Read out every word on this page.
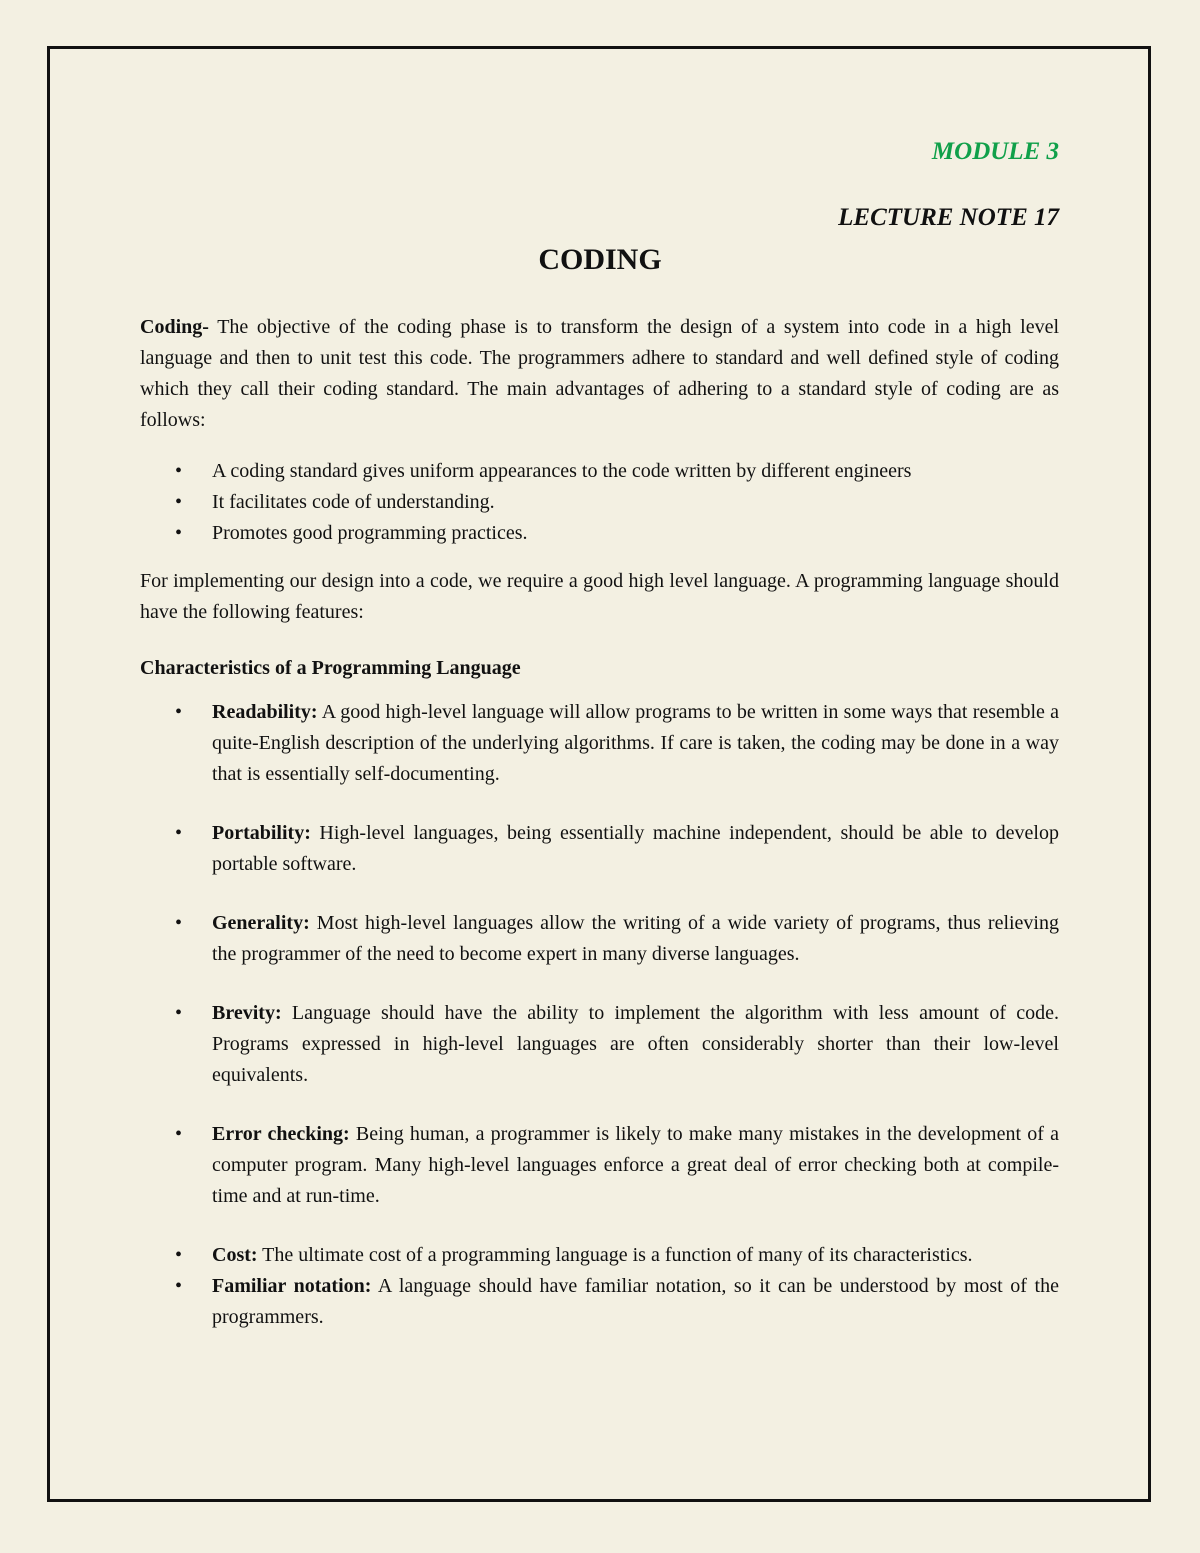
MODULE 3
LECTURE NOTE 17
CODING

Coding- The objective of the coding phase is to transform the design of a system into code in a high level language and then to unit test this code. The programmers adhere to standard and well defined style of coding which they call their coding standard. The main advantages of adhering to a standard style of coding are as follows:

• A coding standard gives uniform appearances to the code written by different engineers
• It facilitates code of understanding.
• Promotes good programming practices.

For implementing our design into a code, we require a good high level language. A programming language should have the following features:

Characteristics of a Programming Language
• Readability: A good high-level language will allow programs to be written in some ways that resemble a quite-English description of the underlying algorithms. If care is taken, the coding may be done in a way that is essentially self-documenting.
• Portability: High-level languages, being essentially machine independent, should be able to develop portable software.
• Generality: Most high-level languages allow the writing of a wide variety of programs, thus relieving the programmer of the need to become expert in many diverse languages.
• Brevity: Language should have the ability to implement the algorithm with less amount of code. Programs expressed in high-level languages are often considerably shorter than their low-level equivalents.
• Error checking: Being human, a programmer is likely to make many mistakes in the development of a computer program. Many high-level languages enforce a great deal of error checking both at compile-time and at run-time.
• Cost: The ultimate cost of a programming language is a function of many of its characteristics.
• Familiar notation: A language should have familiar notation, so it can be understood by most of the programmers.
